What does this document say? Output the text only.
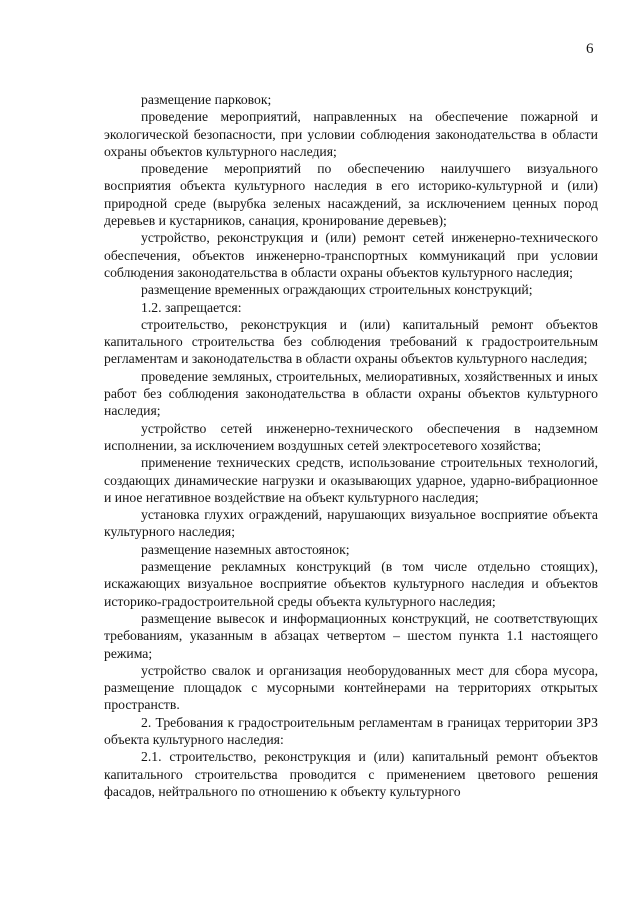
6

размещение парковок;

проведение мероприятий, направленных на обеспечение пожарной и экологической безопасности, при условии соблюдения законодательства в области охраны объектов культурного наследия;

проведение мероприятий по обеспечению наилучшего визуального восприятия объекта культурного наследия в его историко-культурной и (или) природной среде (вырубка зеленых насаждений, за исключением ценных пород деревьев и кустарников, санация, кронирование деревьев);

устройство, реконструкция и (или) ремонт сетей инженерно-технического обеспечения, объектов инженерно-транспортных коммуникаций при условии соблюдения законодательства в области охраны объектов культурного наследия;

размещение временных ограждающих строительных конструкций;

1.2. запрещается:

строительство, реконструкция и (или) капитальный ремонт объектов капитального строительства без соблюдения требований к градостроительным регламентам и законодательства в области охраны объектов культурного наследия;

проведение земляных, строительных, мелиоративных, хозяйственных и иных работ без соблюдения законодательства в области охраны объектов культурного наследия;

устройство сетей инженерно-технического обеспечения в надземном исполнении, за исключением воздушных сетей электросетевого хозяйства;

применение технических средств, использование строительных технологий, создающих динамические нагрузки и оказывающих ударное, ударно-вибрационное и иное негативное воздействие на объект культурного наследия;

установка глухих ограждений, нарушающих визуальное восприятие объекта культурного наследия;

размещение наземных автостоянок;

размещение рекламных конструкций (в том числе отдельно стоящих), искажающих визуальное восприятие объектов культурного наследия и объектов историко-градостроительной среды объекта культурного наследия;

размещение вывесок и информационных конструкций, не соответствующих требованиям, указанным в абзацах четвертом – шестом пункта 1.1 настоящего режима;

устройство свалок и организация необорудованных мест для сбора мусора, размещение площадок с мусорными контейнерами на территориях открытых пространств.

2. Требования к градостроительным регламентам в границах территории ЗРЗ объекта культурного наследия:

2.1. строительство, реконструкция и (или) капитальный ремонт объектов капитального строительства проводится с применением цветового решения фасадов, нейтрального по отношению к объекту культурного
